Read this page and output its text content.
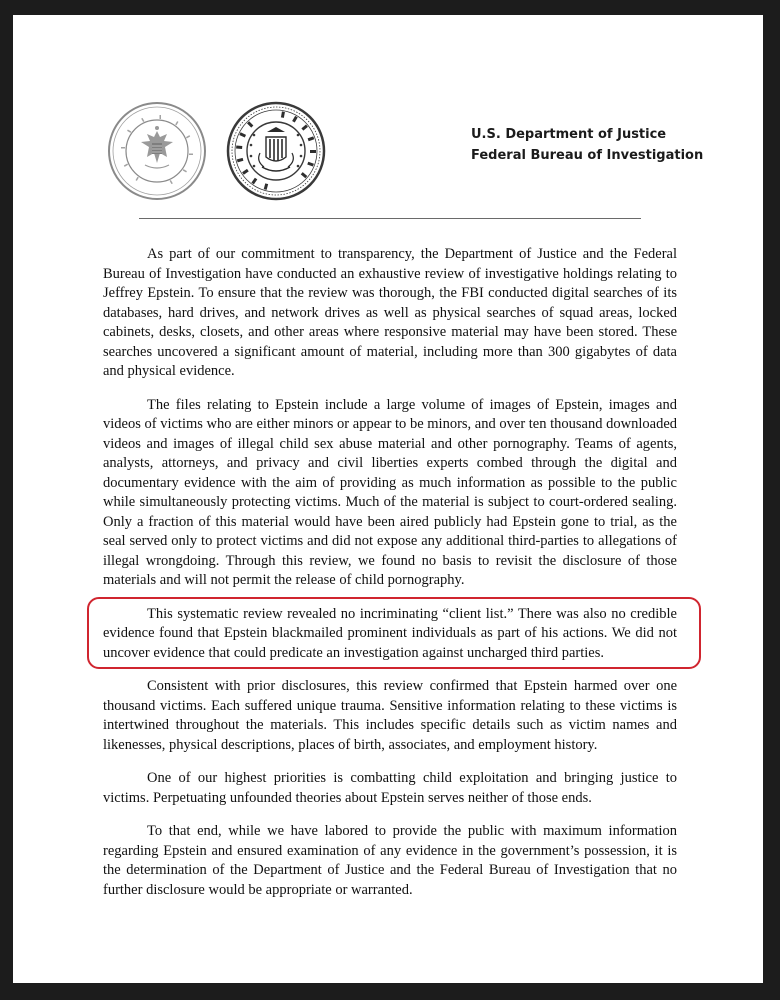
U.S. Department of Justice
Federal Bureau of Investigation

As part of our commitment to transparency, the Department of Justice and the Federal Bureau of Investigation have conducted an exhaustive review of investigative holdings relating to Jeffrey Epstein. To ensure that the review was thorough, the FBI conducted digital searches of its databases, hard drives, and network drives as well as physical searches of squad areas, locked cabinets, desks, closets, and other areas where responsive material may have been stored. These searches uncovered a significant amount of material, including more than 300 gigabytes of data and physical evidence.

The files relating to Epstein include a large volume of images of Epstein, images and videos of victims who are either minors or appear to be minors, and over ten thousand downloaded videos and images of illegal child sex abuse material and other pornography. Teams of agents, analysts, attorneys, and privacy and civil liberties experts combed through the digital and documentary evidence with the aim of providing as much information as possible to the public while simultaneously protecting victims. Much of the material is subject to court-ordered sealing. Only a fraction of this material would have been aired publicly had Epstein gone to trial, as the seal served only to protect victims and did not expose any additional third-parties to allegations of illegal wrongdoing. Through this review, we found no basis to revisit the disclosure of those materials and will not permit the release of child pornography.

This systematic review revealed no incriminating “client list.” There was also no credible evidence found that Epstein blackmailed prominent individuals as part of his actions. We did not uncover evidence that could predicate an investigation against uncharged third parties.

Consistent with prior disclosures, this review confirmed that Epstein harmed over one thousand victims. Each suffered unique trauma. Sensitive information relating to these victims is intertwined throughout the materials. This includes specific details such as victim names and likenesses, physical descriptions, places of birth, associates, and employment history.

One of our highest priorities is combatting child exploitation and bringing justice to victims. Perpetuating unfounded theories about Epstein serves neither of those ends.

To that end, while we have labored to provide the public with maximum information regarding Epstein and ensured examination of any evidence in the government’s possession, it is the determination of the Department of Justice and the Federal Bureau of Investigation that no further disclosure would be appropriate or warranted.
